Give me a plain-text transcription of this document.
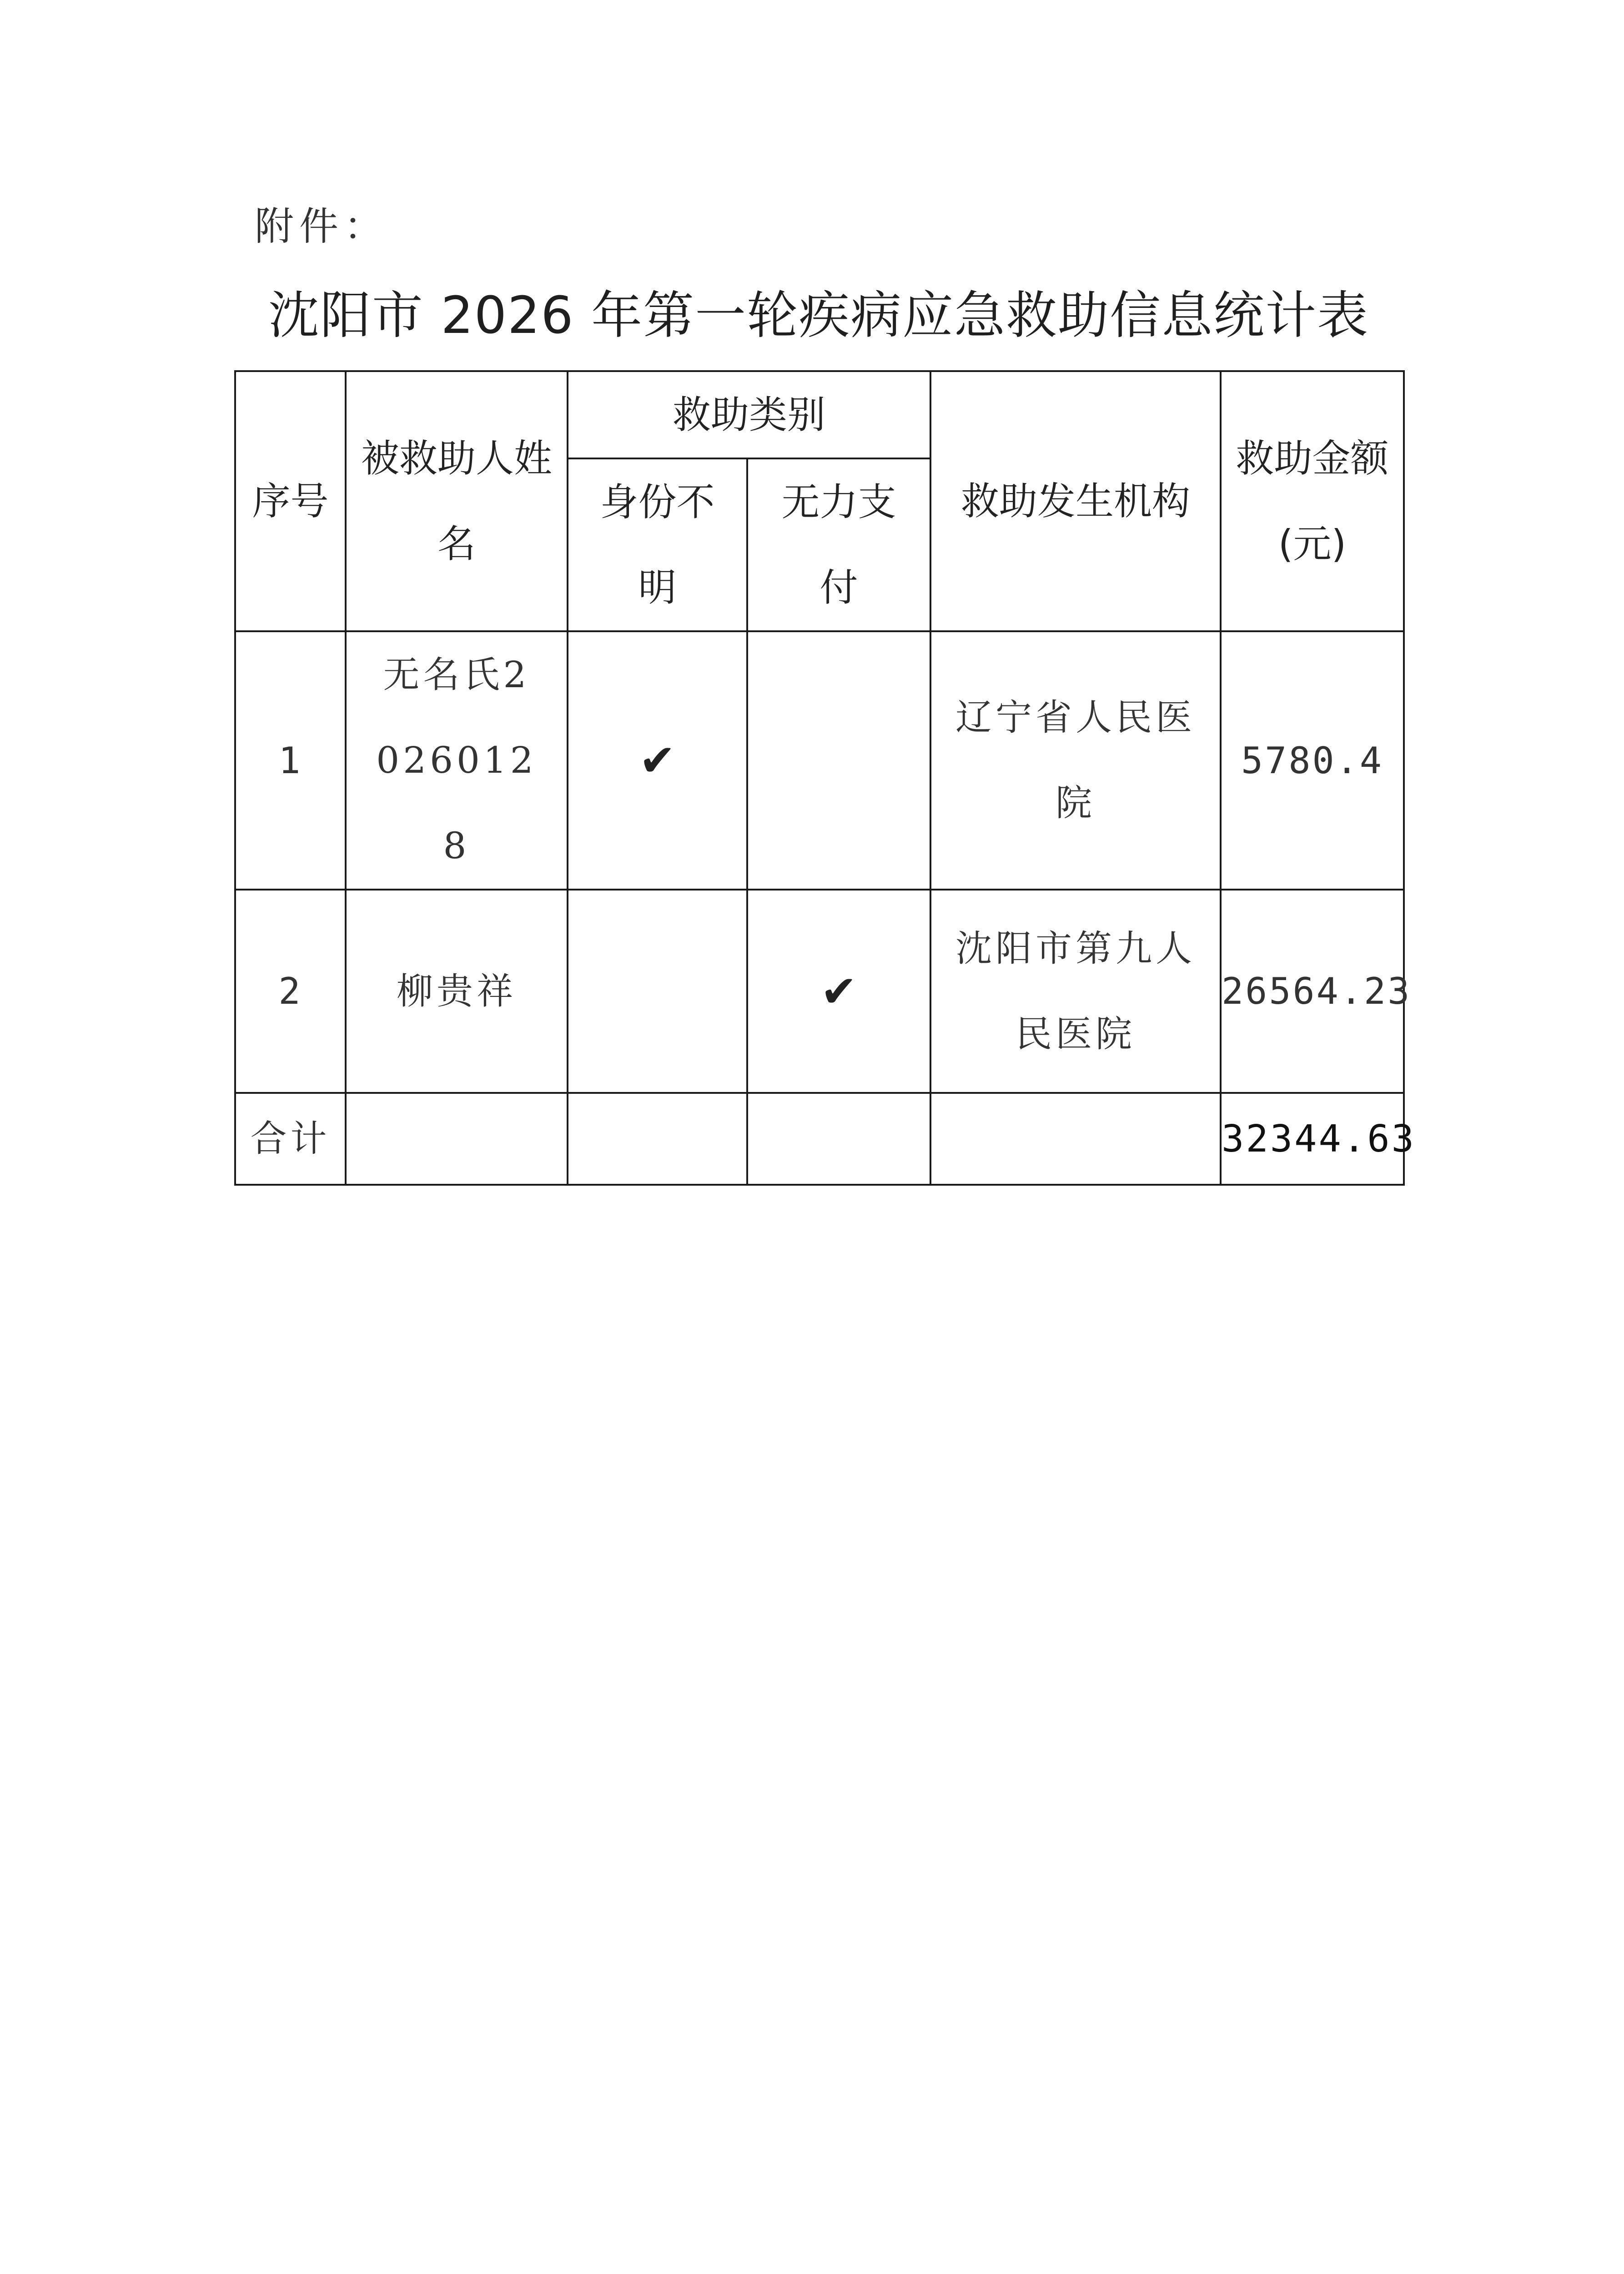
附件：
沈阳市 2026 年第一轮疾病应急救助信息统计表
序号	被救助人姓名	救助类别		救助发生机构	救助金额(元)
		身份不明	无力支付		
1	无名氏20260128	✔		辽宁省人民医院	5780.4
2	柳贵祥		✔	沈阳市第九人民医院	26564.23
合计					32344.63
